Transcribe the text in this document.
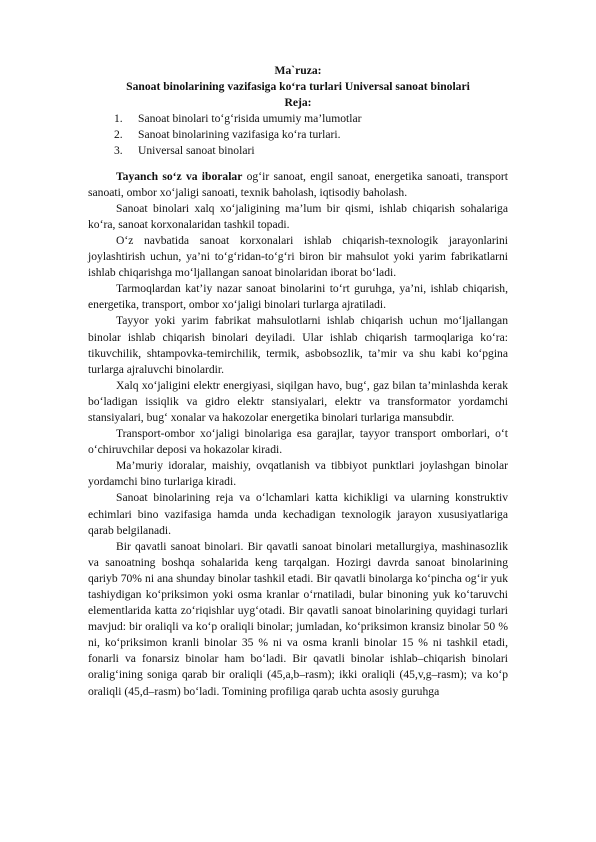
Ma`ruza:
Sanoat binolarining vazifasiga ko‘ra turlari Universal sanoat binolari
Reja:
1.	Sanoat binolari to‘g‘risida umumiy ma’lumotlar
2.	Sanoat binolarining vazifasiga ko‘ra turlari.
3.	Universal sanoat binolari

Tayanch so‘z va iboralar og‘ir sanoat, engil sanoat, energetika sanoati, transport sanoati, ombor xo‘jaligi sanoati, texnik baholash, iqtisodiy baholash.

Sanoat binolari xalq xo‘jaligining ma’lum bir qismi, ishlab chiqarish sohalariga ko‘ra, sanoat korxonalaridan tashkil topadi.

O‘z navbatida sanoat korxonalari ishlab chiqarish-texnologik jarayonlarini joylashtirish uchun, ya’ni to‘g‘ridan-to‘g‘ri biron bir mahsulot yoki yarim fabrikatlarni ishlab chiqarishga mo‘ljallangan sanoat binolaridan iborat bo‘ladi.

Tarmoqlardan kat’iy nazar sanoat binolarini to‘rt guruhga, ya’ni, ishlab chiqarish, energetika, transport, ombor xo‘jaligi binolari turlarga ajratiladi.

Tayyor yoki yarim fabrikat mahsulotlarni ishlab chiqarish uchun mo‘ljallangan binolar ishlab chiqarish binolari deyiladi. Ular ishlab chiqarish tarmoqlariga ko‘ra: tikuvchilik, shtampovka-temirchilik, termik, asbobsozlik, ta’mir va shu kabi ko‘pgina turlarga ajraluvchi binolardir.

Xalq xo‘jaligini elektr energiyasi, siqilgan havo, bug‘, gaz bilan ta’minlashda kerak bo‘ladigan issiqlik va gidro elektr stansiyalari, elektr va transformator yordamchi stansiyalari, bug‘ xonalar va hakozolar energetika binolari turlariga mansubdir.

Transport-ombor xo‘jaligi binolariga esa garajlar, tayyor transport omborlari, o‘t o‘chiruvchilar deposi va hokazolar kiradi.

Ma’muriy idoralar, maishiy, ovqatlanish va tibbiyot punktlari joylashgan binolar yordamchi bino turlariga kiradi.

Sanoat binolarining reja va o‘lchamlari katta kichikligi va ularning konstruktiv echimlari bino vazifasiga hamda unda kechadigan texnologik jarayon xususiyatlariga qarab belgilanadi.

Bir qavatli sanoat binolari. Bir qavatli sanoat binolari metallurgiya, mashinasozlik va sanoatning boshqa sohalarida keng tarqalgan. Hozirgi davrda sanoat binolarining qariyb 70% ni ana shunday binolar tashkil etadi. Bir qavatli binolarga ko‘pincha og‘ir yuk tashiydigan ko‘priksimon yoki osma kranlar o‘rnatiladi, bular binoning yuk ko‘taruvchi elementlarida katta zo‘riqishlar uyg‘otadi. Bir qavatli sanoat binolarining quyidagi turlari mavjud: bir oraliqli va ko‘p oraliqli binolar; jumladan, ko‘priksimon kransiz binolar 50 % ni, ko‘priksimon kranli binolar 35 % ni va osma kranli binolar 15 % ni tashkil etadi, fonarli va fonarsiz binolar ham bo‘ladi. Bir qavatli binolar ishlab–chiqarish binolari oralig‘ining soniga qarab bir oraliqli (45,a,b–rasm); ikki oraliqli (45,v,g–rasm); va ko‘p oraliqli (45,d–rasm) bo‘ladi. Tomining profiliga qarab uchta asosiy guruhga
